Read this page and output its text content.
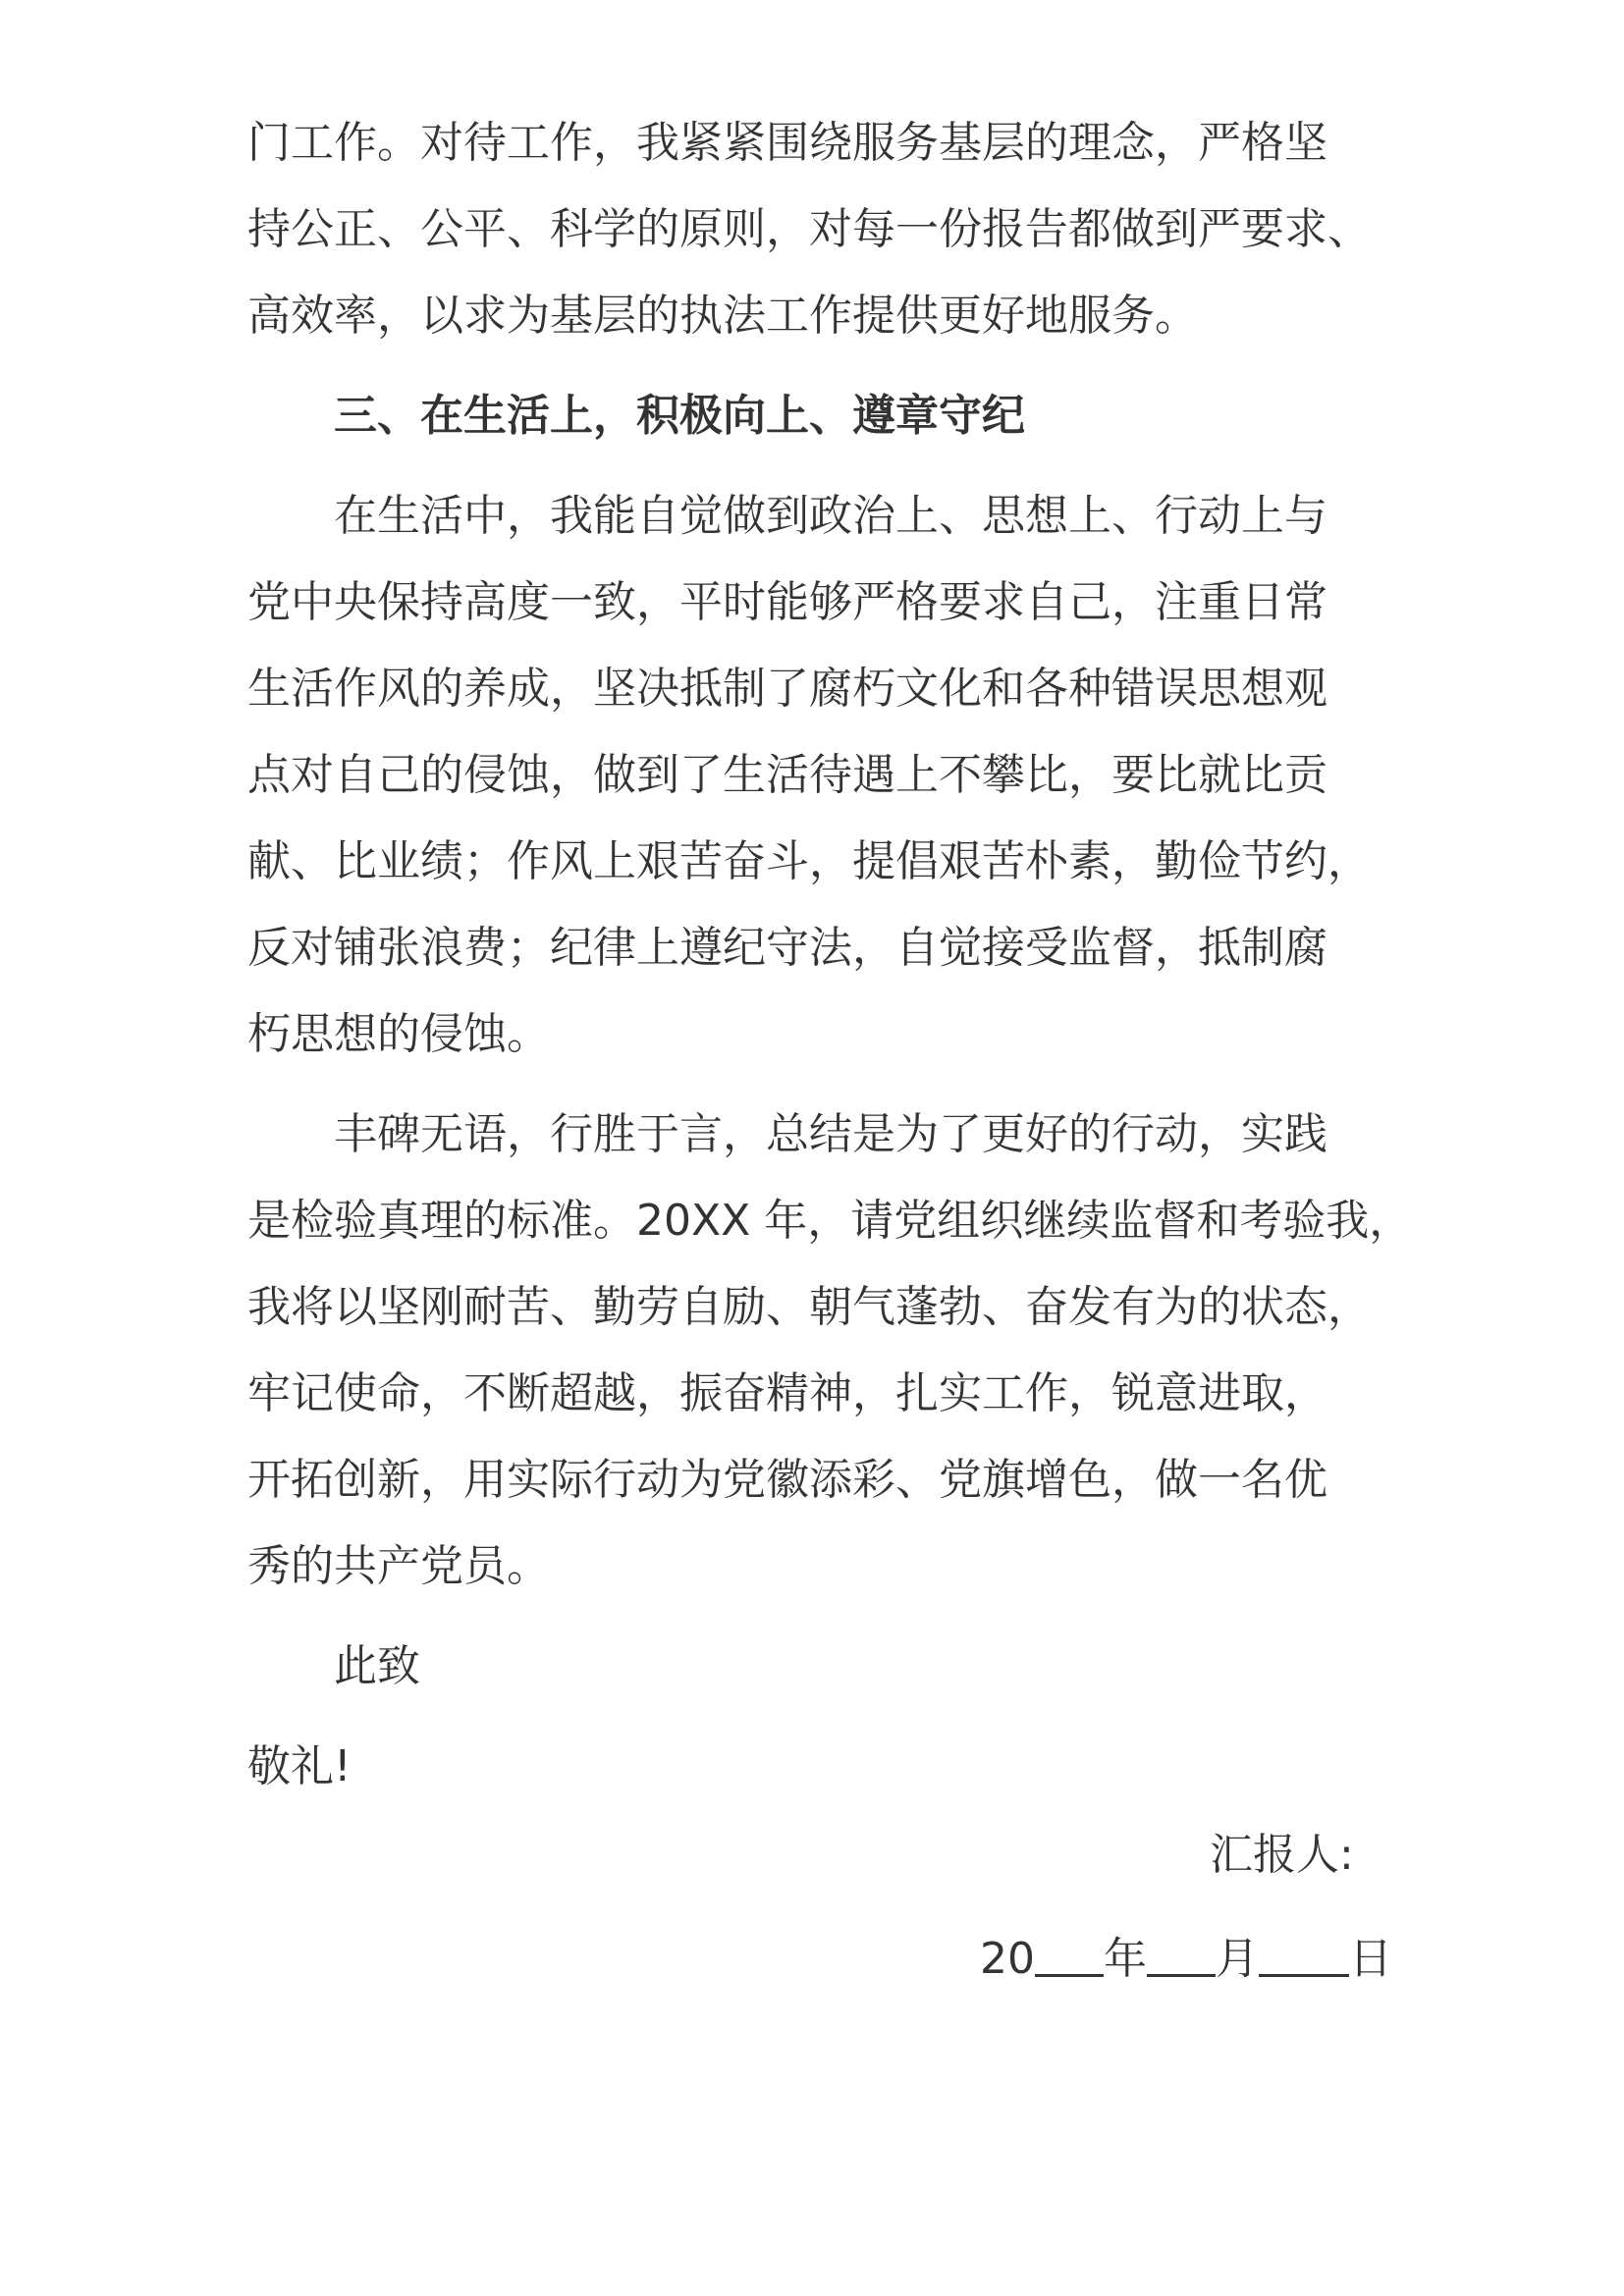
门工作。对待工作，我紧紧围绕服务基层的理念，严格坚
持公正、公平、科学的原则，对每一份报告都做到严要求、
高效率，以求为基层的执法工作提供更好地服务。
三、在生活上，积极向上、遵章守纪
在生活中，我能自觉做到政治上、思想上、行动上与
党中央保持高度一致，平时能够严格要求自己，注重日常
生活作风的养成，坚决抵制了腐朽文化和各种错误思想观
点对自己的侵蚀，做到了生活待遇上不攀比，要比就比贡
献、比业绩；作风上艰苦奋斗，提倡艰苦朴素，勤俭节约，
反对铺张浪费；纪律上遵纪守法，自觉接受监督，抵制腐
朽思想的侵蚀。
丰碑无语，行胜于言，总结是为了更好的行动，实践
是检验真理的标准。20XX 年，请党组织继续监督和考验我，
我将以坚刚耐苦、勤劳自励、朝气蓬勃、奋发有为的状态，
牢记使命，不断超越，振奋精神，扎实工作，锐意进取，
开拓创新，用实际行动为党徽添彩、党旗增色，做一名优
秀的共产党员。
此致
敬礼!
汇报人:
20 年 月 日
